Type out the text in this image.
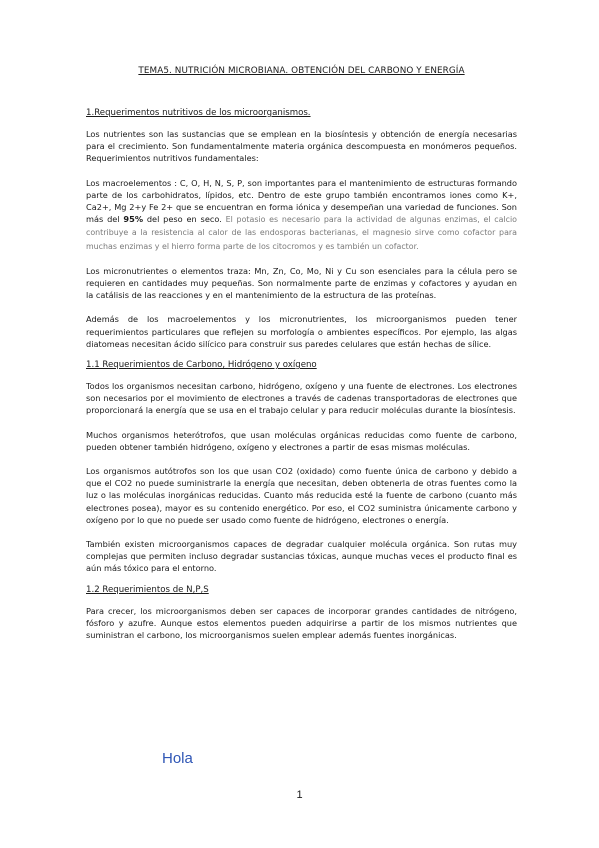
TEMA5. NUTRICIÓN MICROBIANA. OBTENCIÓN DEL CARBONO Y ENERGÍA
1.Requerimentos nutritivos de los microorganismos.

Los nutrientes son las sustancias que se emplean en la biosíntesis y obtención de energía necesarias para el crecimiento. Son fundamentalmente materia orgánica descompuesta en monómeros pequeños. Requerimientos nutritivos fundamentales:

Los macroelementos : C, O, H, N, S, P, son importantes para el mantenimiento de estructuras formando parte de los carbohidratos, lípidos, etc. Dentro de este grupo también encontramos iones como K+, Ca2+, Mg 2+y Fe 2+ que se encuentran en forma iónica y desempeñan una variedad de funciones. Son más del 95% del peso en seco. El potasio es necesario para la actividad de algunas enzimas, el calcio contribuye a la resistencia al calor de las endosporas bacterianas, el magnesio sirve como cofactor para muchas enzimas y el hierro forma parte de los citocromos y es también un cofactor.

Los micronutrientes o elementos traza: Mn, Zn, Co, Mo, Ni y Cu son esenciales para la célula pero se requieren en cantidades muy pequeñas. Son normalmente parte de enzimas y cofactores y ayudan en la catálisis de las reacciones y en el mantenimiento de la estructura de las proteínas.

Además de los macroelementos y los micronutrientes, los microorganismos pueden tener requerimientos particulares que reflejen su morfología o ambientes específicos. Por ejemplo, las algas diatomeas necesitan ácido silícico para construir sus paredes celulares que están hechas de sílice.

1.1 Requerimientos de Carbono, Hidrógeno y oxígeno

Todos los organismos necesitan carbono, hidrógeno, oxígeno y una fuente de electrones. Los electrones son necesarios por el movimiento de electrones a través de cadenas transportadoras de electrones que proporcionará la energía que se usa en el trabajo celular y para reducir moléculas durante la biosíntesis.

Muchos organismos heterótrofos, que usan moléculas orgánicas reducidas como fuente de carbono, pueden obtener también hidrógeno, oxígeno y electrones a partir de esas mismas moléculas.

Los organismos autótrofos son los que usan CO2 (oxidado) como fuente única de carbono y debido a que el CO2 no puede suministrarle la energía que necesitan, deben obtenerla de otras fuentes como la luz o las moléculas inorgánicas reducidas. Cuanto más reducida esté la fuente de carbono (cuanto más electrones posea), mayor es su contenido energético. Por eso, el CO2 suministra únicamente carbono y oxígeno por lo que no puede ser usado como fuente de hidrógeno, electrones o energía.

También existen microorganismos capaces de degradar cualquier molécula orgánica. Son rutas muy complejas que permiten incluso degradar sustancias tóxicas, aunque muchas veces el producto final es aún más tóxico para el entorno.

1.2 Requerimientos de N,P,S

Para crecer, los microorganismos deben ser capaces de incorporar grandes cantidades de nitrógeno, fósforo y azufre. Aunque estos elementos pueden adquirirse a partir de los mismos nutrientes que suministran el carbono, los microorganismos suelen emplear además fuentes inorgánicas.

Hola
1
